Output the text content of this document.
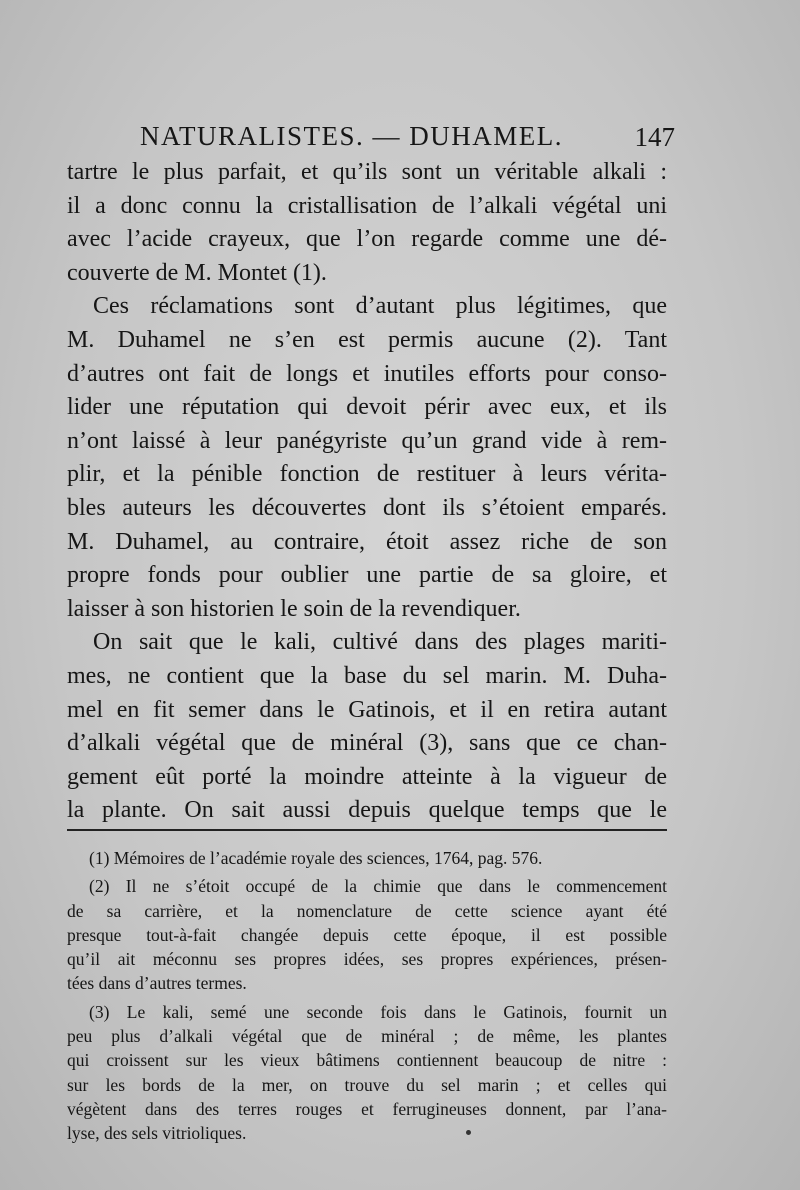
NATURALISTES. — DUHAMEL.	147
tartre le plus parfait, et qu’ils sont un véritable alkali :
il a donc connu la cristallisation de l’alkali végétal uni
avec l’acide crayeux, que l’on regarde comme une dé-
couverte de M. Montet (1).
Ces réclamations sont d’autant plus légitimes, que
M. Duhamel ne s’en est permis aucune (2). Tant
d’autres ont fait de longs et inutiles efforts pour conso-
lider une réputation qui devoit périr avec eux, et ils
n’ont laissé à leur panégyriste qu’un grand vide à rem-
plir, et la pénible fonction de restituer à leurs vérita-
bles auteurs les découvertes dont ils s’étoient emparés.
M. Duhamel, au contraire, étoit assez riche de son
propre fonds pour oublier une partie de sa gloire, et
laisser à son historien le soin de la revendiquer.
On sait que le kali, cultivé dans des plages mariti-
mes, ne contient que la base du sel marin. M. Duha-
mel en fit semer dans le Gatinois, et il en retira autant
d’alkali végétal que de minéral (3), sans que ce chan-
gement eût porté la moindre atteinte à la vigueur de
la plante. On sait aussi depuis quelque temps que le
(1) Mémoires de l’académie royale des sciences, 1764, pag. 576.
(2) Il ne s’étoit occupé de la chimie que dans le commencement
de sa carrière, et la nomenclature de cette science ayant été
presque tout-à-fait changée depuis cette époque, il est possible
qu’il ait méconnu ses propres idées, ses propres expériences, présen-
tées dans d’autres termes.
(3) Le kali, semé une seconde fois dans le Gatinois, fournit un
peu plus d’alkali végétal que de minéral ; de même, les plantes
qui croissent sur les vieux bâtimens contiennent beaucoup de nitre :
sur les bords de la mer, on trouve du sel marin ; et celles qui
végètent dans des terres rouges et ferrugineuses donnent, par l’ana-
lyse, des sels vitrioliques.
